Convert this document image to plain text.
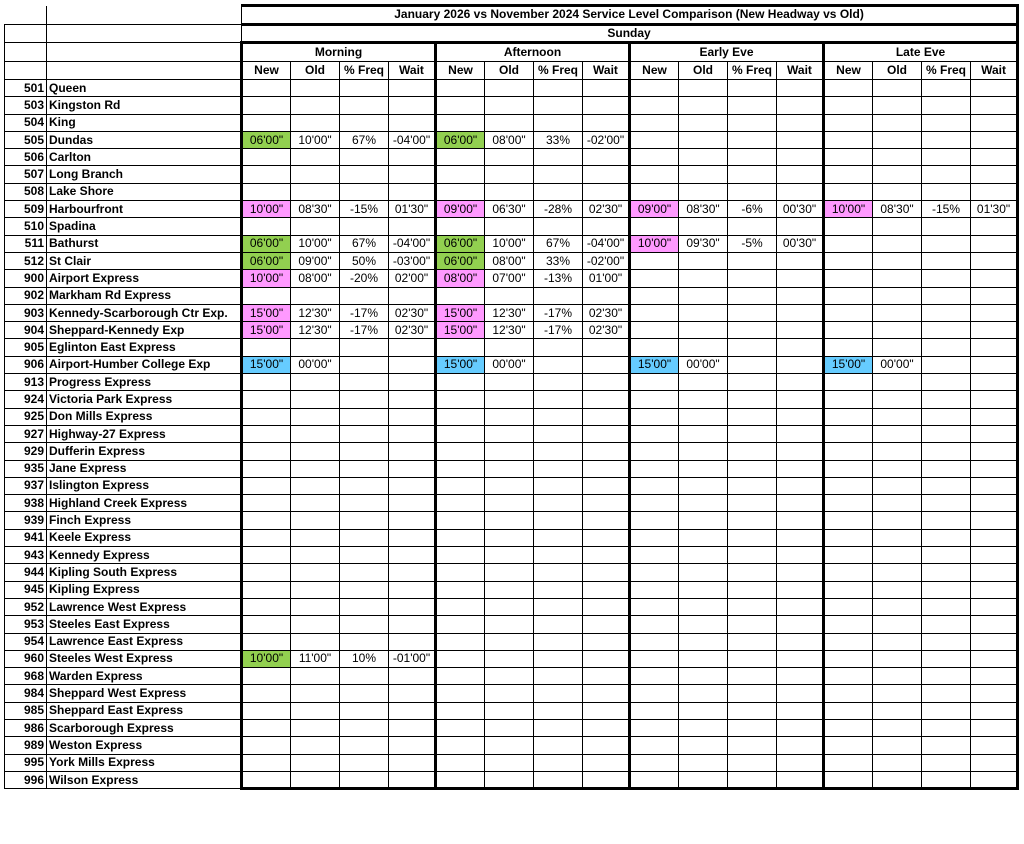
		January 2026 vs November 2024 Service Level Comparison (New Headway vs Old)															
		Sunday															
		Morning				Afternoon				Early Eve				Late Eve			
		New	Old	% Freq	Wait	New	Old	% Freq	Wait	New	Old	% Freq	Wait	New	Old	% Freq	Wait
501	Queen																
503	Kingston Rd																
504	King																
505	Dundas	06'00"	10'00"	67%	-04'00"	06'00"	08'00"	33%	-02'00"								
506	Carlton																
507	Long Branch																
508	Lake Shore																
509	Harbourfront	10'00"	08'30"	-15%	01'30"	09'00"	06'30"	-28%	02'30"	09'00"	08'30"	-6%	00'30"	10'00"	08'30"	-15%	01'30"
510	Spadina																
511	Bathurst	06'00"	10'00"	67%	-04'00"	06'00"	10'00"	67%	-04'00"	10'00"	09'30"	-5%	00'30"				
512	St Clair	06'00"	09'00"	50%	-03'00"	06'00"	08'00"	33%	-02'00"								
900	Airport Express	10'00"	08'00"	-20%	02'00"	08'00"	07'00"	-13%	01'00"								
902	Markham Rd Express																
903	Kennedy-Scarborough Ctr Exp.	15'00"	12'30"	-17%	02'30"	15'00"	12'30"	-17%	02'30"								
904	Sheppard-Kennedy Exp	15'00"	12'30"	-17%	02'30"	15'00"	12'30"	-17%	02'30"								
905	Eglinton East Express																
906	Airport-Humber College Exp	15'00"	00'00"			15'00"	00'00"			15'00"	00'00"			15'00"	00'00"		
913	Progress Express																
924	Victoria Park Express																
925	Don Mills Express																
927	Highway-27 Express																
929	Dufferin Express																
935	Jane Express																
937	Islington Express																
938	Highland Creek Express																
939	Finch Express																
941	Keele Express																
943	Kennedy Express																
944	Kipling South Express																
945	Kipling Express																
952	Lawrence West Express																
953	Steeles East Express																
954	Lawrence East Express																
960	Steeles West Express	10'00"	11'00"	10%	-01'00"												
968	Warden Express																
984	Sheppard West Express																
985	Sheppard East Express																
986	Scarborough Express																
989	Weston Express																
995	York Mills Express																
996	Wilson Express																
